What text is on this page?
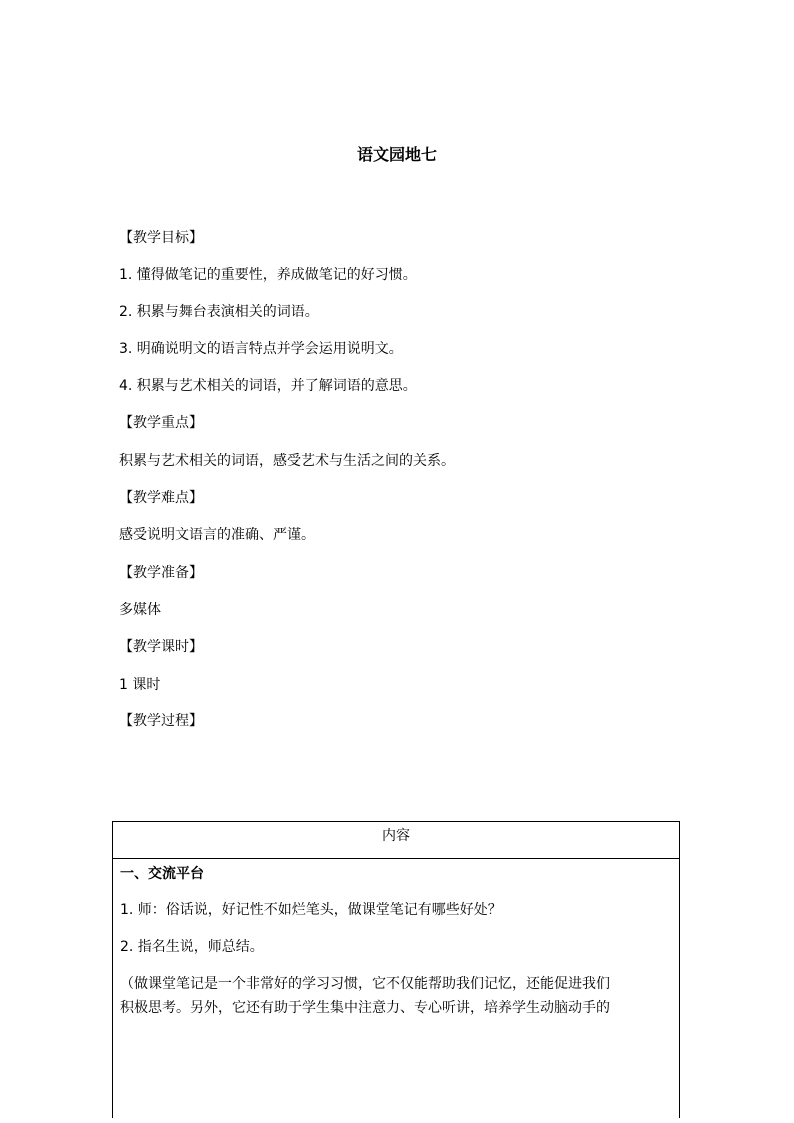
语文园地七
【教学目标】
1. 懂得做笔记的重要性，养成做笔记的好习惯。
2. 积累与舞台表演相关的词语。
3. 明确说明文的语言特点并学会运用说明文。
4. 积累与艺术相关的词语，并了解词语的意思。
【教学重点】
积累与艺术相关的词语，感受艺术与生活之间的关系。
【教学难点】
感受说明文语言的准确、严谨。
【教学准备】
多媒体
【教学课时】
1 课时
【教学过程】
内容
一、交流平台
1. 师：俗话说，好记性不如烂笔头，做课堂笔记有哪些好处？
2. 指名生说，师总结。
（做课堂笔记是一个非常好的学习习惯，它不仅能帮助我们记忆，还能促进我们
积极思考。另外，它还有助于学生集中注意力、专心听讲，培养学生动脑动手的
